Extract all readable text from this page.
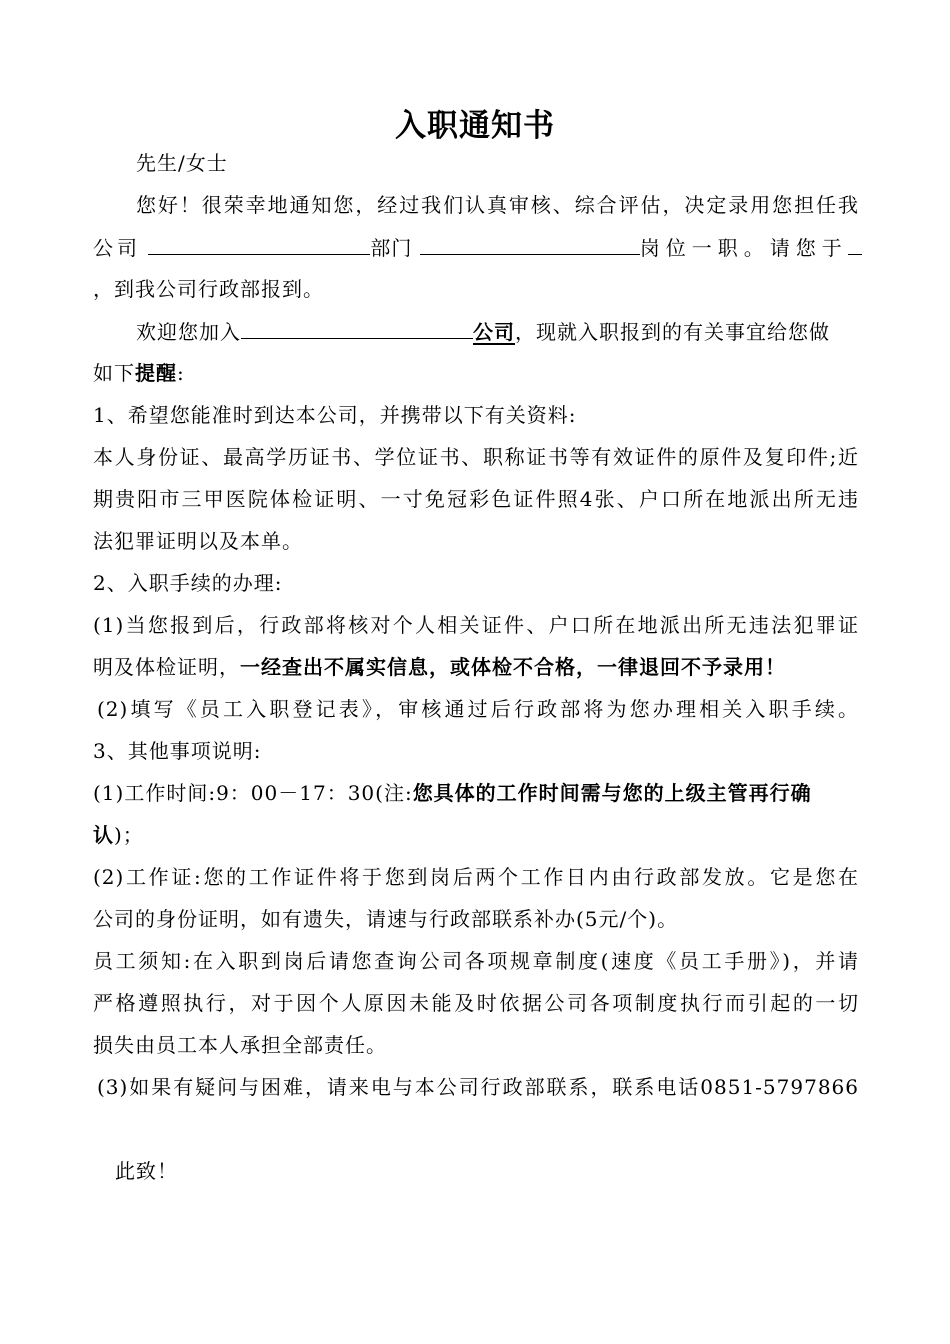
入职通知书
先生/女士
您好！很荣幸地通知您，经过我们认真审核、综合评估，决定录用您担任我
公司	部门	岗位一职。请您于
，到我公司行政部报到。
欢迎您加入	公司，现就入职报到的有关事宜给您做
如下提醒:
1、希望您能准时到达本公司，并携带以下有关资料:
本人身份证、最高学历证书、学位证书、职称证书等有效证件的原件及复印件;近
期贵阳市三甲医院体检证明、一寸免冠彩色证件照4张、户口所在地派出所无违
法犯罪证明以及本单。
2、入职手续的办理:
(1)当您报到后，行政部将核对个人相关证件、户口所在地派出所无违法犯罪证
明及体检证明，一经查出不属实信息，或体检不合格，一律退回不予录用！
(2)填写《员工入职登记表》，审核通过后行政部将为您办理相关入职手续。
3、其他事项说明:
(1)工作时间:9：00－17：30(注:您具体的工作时间需与您的上级主管再行确
认)；
(2)工作证:您的工作证件将于您到岗后两个工作日内由行政部发放。它是您在
公司的身份证明，如有遗失，请速与行政部联系补办(5元/个)。
员工须知:在入职到岗后请您查询公司各项规章制度(速度《员工手册》)，并请
严格遵照执行，对于因个人原因未能及时依据公司各项制度执行而引起的一切
损失由员工本人承担全部责任。
(3)如果有疑问与困难，请来电与本公司行政部联系，联系电话0851-5797866
此致！
